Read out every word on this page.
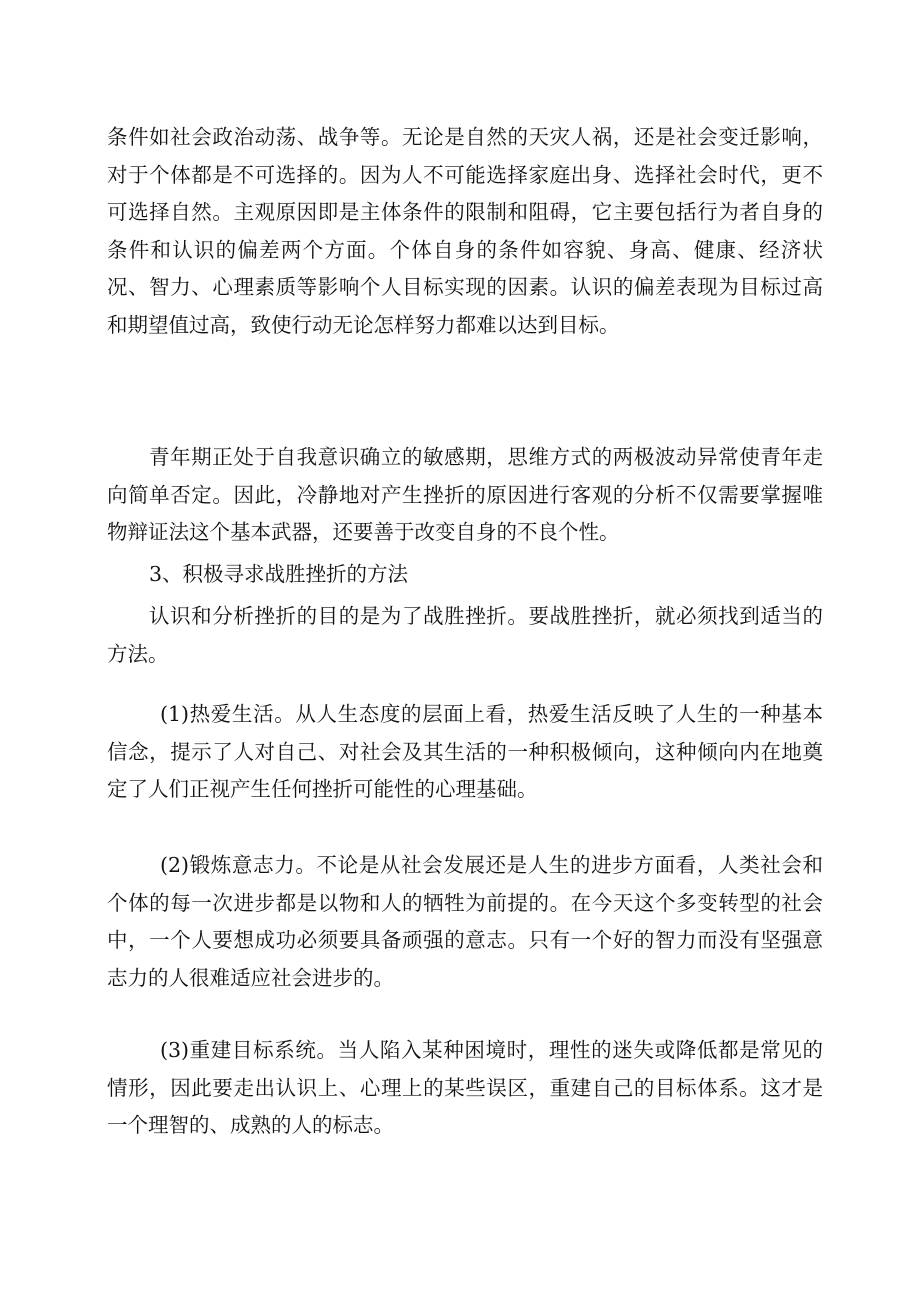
条件如社会政治动荡、战争等。无论是自然的天灾人祸，还是社会变迁影响，对于个体都是不可选择的。因为人不可能选择家庭出身、选择社会时代，更不可选择自然。主观原因即是主体条件的限制和阻碍，它主要包括行为者自身的条件和认识的偏差两个方面。个体自身的条件如容貌、身高、健康、经济状况、智力、心理素质等影响个人目标实现的因素。认识的偏差表现为目标过高和期望值过高，致使行动无论怎样努力都难以达到目标。

青年期正处于自我意识确立的敏感期，思维方式的两极波动异常使青年走向简单否定。因此，冷静地对产生挫折的原因进行客观的分析不仅需要掌握唯物辩证法这个基本武器，还要善于改变自身的不良个性。

3、积极寻求战胜挫折的方法

认识和分析挫折的目的是为了战胜挫折。要战胜挫折，就必须找到适当的方法。

(1)热爱生活。从人生态度的层面上看，热爱生活反映了人生的一种基本信念，提示了人对自己、对社会及其生活的一种积极倾向，这种倾向内在地奠定了人们正视产生任何挫折可能性的心理基础。

(2)锻炼意志力。不论是从社会发展还是人生的进步方面看，人类社会和个体的每一次进步都是以物和人的牺牲为前提的。在今天这个多变转型的社会中，一个人要想成功必须要具备顽强的意志。只有一个好的智力而没有坚强意志力的人很难适应社会进步的。

(3)重建目标系统。当人陷入某种困境时，理性的迷失或降低都是常见的情形，因此要走出认识上、心理上的某些误区，重建自己的目标体系。这才是一个理智的、成熟的人的标志。
